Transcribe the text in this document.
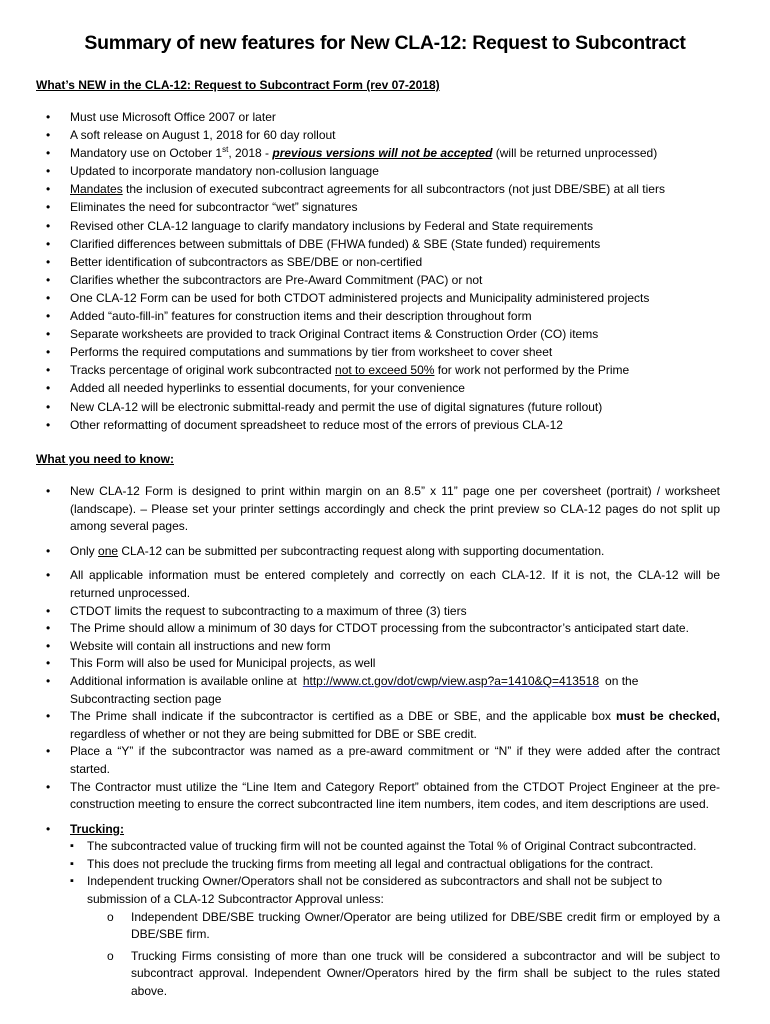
Summary of new features for New CLA-12: Request to Subcontract
What’s NEW in the CLA-12: Request to Subcontract Form (rev 07-2018)
• Must use Microsoft Office 2007 or later
• A soft release on August 1, 2018 for 60 day rollout
• Mandatory use on October 1st, 2018 - previous versions will not be accepted (will be returned unprocessed)
• Updated to incorporate mandatory non-collusion language
• Mandates the inclusion of executed subcontract agreements for all subcontractors (not just DBE/SBE) at all tiers
• Eliminates the need for subcontractor “wet” signatures
• Revised other CLA-12 language to clarify mandatory inclusions by Federal and State requirements
• Clarified differences between submittals of DBE (FHWA funded) & SBE (State funded) requirements
• Better identification of subcontractors as SBE/DBE or non-certified
• Clarifies whether the subcontractors are Pre-Award Commitment (PAC) or not
• One CLA-12 Form can be used for both CTDOT administered projects and Municipality administered projects
• Added “auto-fill-in” features for construction items and their description throughout form
• Separate worksheets are provided to track Original Contract items & Construction Order (CO) items
• Performs the required computations and summations by tier from worksheet to cover sheet
• Tracks percentage of original work subcontracted not to exceed 50% for work not performed by the Prime
• Added all needed hyperlinks to essential documents, for your convenience
• New CLA-12 will be electronic submittal-ready and permit the use of digital signatures (future rollout)
• Other reformatting of document spreadsheet to reduce most of the errors of previous CLA-12
What you need to know:
• New CLA-12 Form is designed to print within margin on an 8.5” x 11” page one per coversheet (portrait) / worksheet (landscape). – Please set your printer settings accordingly and check the print preview so CLA-12 pages do not split up among several pages.
• Only one CLA-12 can be submitted per subcontracting request along with supporting documentation.
• All applicable information must be entered completely and correctly on each CLA-12. If it is not, the CLA-12 will be returned unprocessed.
• CTDOT limits the request to subcontracting to a maximum of three (3) tiers
• The Prime should allow a minimum of 30 days for CTDOT processing from the subcontractor’s anticipated start date.
• Website will contain all instructions and new form
• This Form will also be used for Municipal projects, as well
• Additional information is available online at http://www.ct.gov/dot/cwp/view.asp?a=1410&Q=413518 on the Subcontracting section page
• The Prime shall indicate if the subcontractor is certified as a DBE or SBE, and the applicable box must be checked, regardless of whether or not they are being submitted for DBE or SBE credit.
• Place a “Y” if the subcontractor was named as a pre-award commitment or “N” if they were added after the contract started.
• The Contractor must utilize the “Line Item and Category Report” obtained from the CTDOT Project Engineer at the pre-construction meeting to ensure the correct subcontracted line item numbers, item codes, and item descriptions are used.
• Trucking:
▪ The subcontracted value of trucking firm will not be counted against the Total % of Original Contract subcontracted.
▪ This does not preclude the trucking firms from meeting all legal and contractual obligations for the contract.
▪ Independent trucking Owner/Operators shall not be considered as subcontractors and shall not be subject to submission of a CLA-12 Subcontractor Approval unless:
o Independent DBE/SBE trucking Owner/Operator are being utilized for DBE/SBE credit firm or employed by a DBE/SBE firm.
o Trucking Firms consisting of more than one truck will be considered a subcontractor and will be subject to subcontract approval. Independent Owner/Operators hired by the firm shall be subject to the rules stated above.
